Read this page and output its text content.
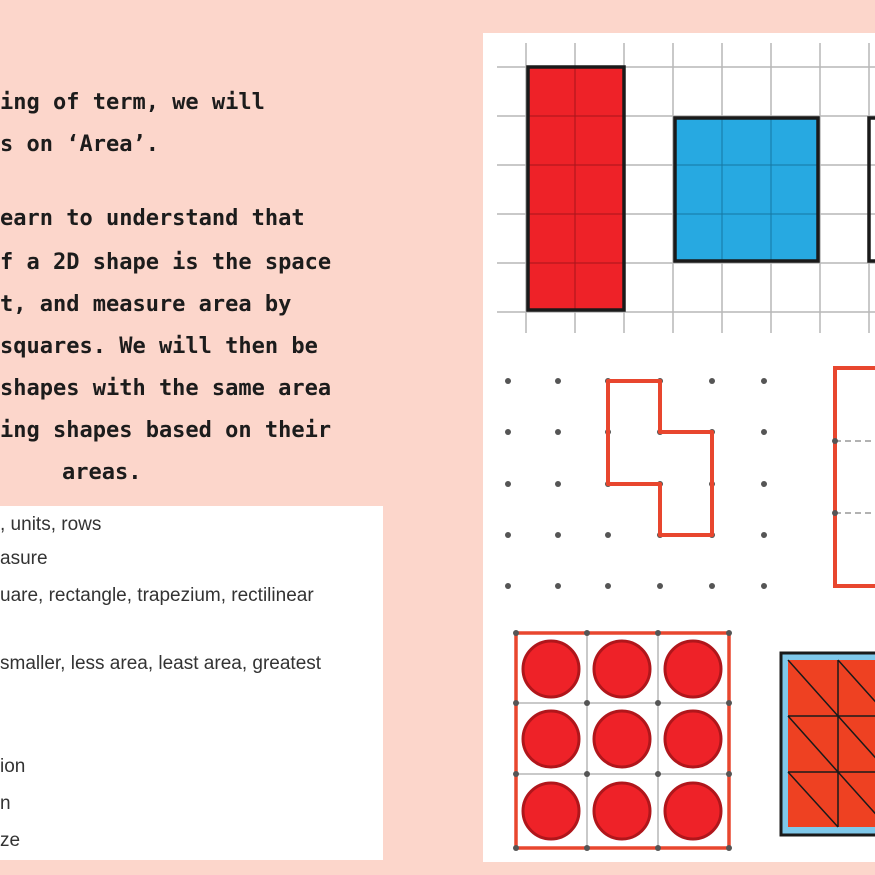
ing of term, we will
s on ‘Area’.
earn to understand that
f a 2D shape is the space
t, and measure area by
squares. We will then be
shapes with the same area
ing shapes based on their
areas.
, units, rows
asure
uare, rectangle, trapezium, rectilinear
smaller, less area, least area, greatest
ion
n
ze
